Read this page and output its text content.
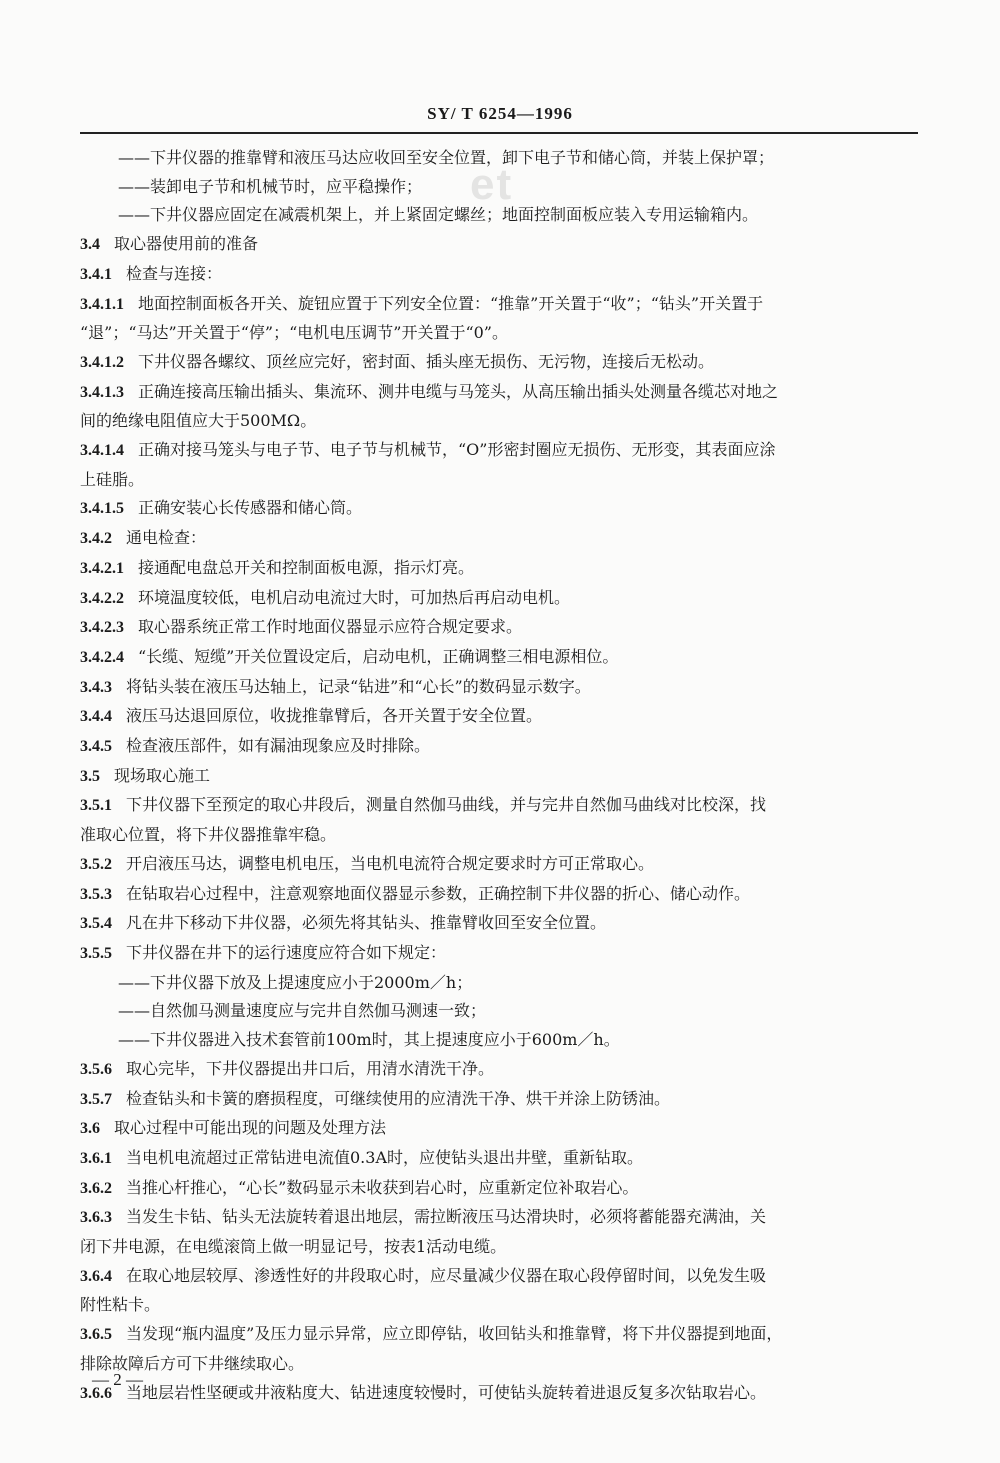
SY/ T 6254—1996
et
——下井仪器的推靠臂和液压马达应收回至安全位置，卸下电子节和储心筒，并装上保护罩；
——装卸电子节和机械节时，应平稳操作；
——下井仪器应固定在减震机架上，并上紧固定螺丝；地面控制面板应装入专用运输箱内。
3.4 取心器使用前的准备
3.4.1 检查与连接：
3.4.1.1 地面控制面板各开关、旋钮应置于下列安全位置：“推靠”开关置于“收”；“钻头”开关置于
“退”；“马达”开关置于“停”；“电机电压调节”开关置于“0”。
3.4.1.2 下井仪器各螺纹、顶丝应完好，密封面、插头座无损伤、无污物，连接后无松动。
3.4.1.3 正确连接高压输出插头、集流环、测井电缆与马笼头，从高压输出插头处测量各缆芯对地之
间的绝缘电阻值应大于500MΩ。
3.4.1.4 正确对接马笼头与电子节、电子节与机械节，“O”形密封圈应无损伤、无形变，其表面应涂
上硅脂。
3.4.1.5 正确安装心长传感器和储心筒。
3.4.2 通电检查：
3.4.2.1 接通配电盘总开关和控制面板电源，指示灯亮。
3.4.2.2 环境温度较低，电机启动电流过大时，可加热后再启动电机。
3.4.2.3 取心器系统正常工作时地面仪器显示应符合规定要求。
3.4.2.4 “长缆、短缆”开关位置设定后，启动电机，正确调整三相电源相位。
3.4.3 将钻头装在液压马达轴上，记录“钻进”和“心长”的数码显示数字。
3.4.4 液压马达退回原位，收拢推靠臂后，各开关置于安全位置。
3.4.5 检查液压部件，如有漏油现象应及时排除。
3.5 现场取心施工
3.5.1 下井仪器下至预定的取心井段后，测量自然伽马曲线，并与完井自然伽马曲线对比校深，找
准取心位置，将下井仪器推靠牢稳。
3.5.2 开启液压马达，调整电机电压，当电机电流符合规定要求时方可正常取心。
3.5.3 在钻取岩心过程中，注意观察地面仪器显示参数，正确控制下井仪器的折心、储心动作。
3.5.4 凡在井下移动下井仪器，必须先将其钻头、推靠臂收回至安全位置。
3.5.5 下井仪器在井下的运行速度应符合如下规定：
——下井仪器下放及上提速度应小于2000m／h；
——自然伽马测量速度应与完井自然伽马测速一致；
——下井仪器进入技术套管前100m时，其上提速度应小于600m／h。
3.5.6 取心完毕，下井仪器提出井口后，用清水清洗干净。
3.5.7 检查钻头和卡簧的磨损程度，可继续使用的应清洗干净、烘干并涂上防锈油。
3.6 取心过程中可能出现的问题及处理方法
3.6.1 当电机电流超过正常钻进电流值0.3A时，应使钻头退出井壁，重新钻取。
3.6.2 当推心杆推心，“心长”数码显示未收获到岩心时，应重新定位补取岩心。
3.6.3 当发生卡钻、钻头无法旋转着退出地层，需拉断液压马达滑块时，必须将蓄能器充满油，关
闭下井电源，在电缆滚筒上做一明显记号，按表1活动电缆。
3.6.4 在取心地层较厚、渗透性好的井段取心时，应尽量减少仪器在取心段停留时间，以免发生吸
附性粘卡。
3.6.5 当发现“瓶内温度”及压力显示异常，应立即停钻，收回钻头和推靠臂，将下井仪器提到地面，
排除故障后方可下井继续取心。
3.6.6 当地层岩性坚硬或井液粘度大、钻进速度较慢时，可使钻头旋转着进退反复多次钻取岩心。
— 2 —
